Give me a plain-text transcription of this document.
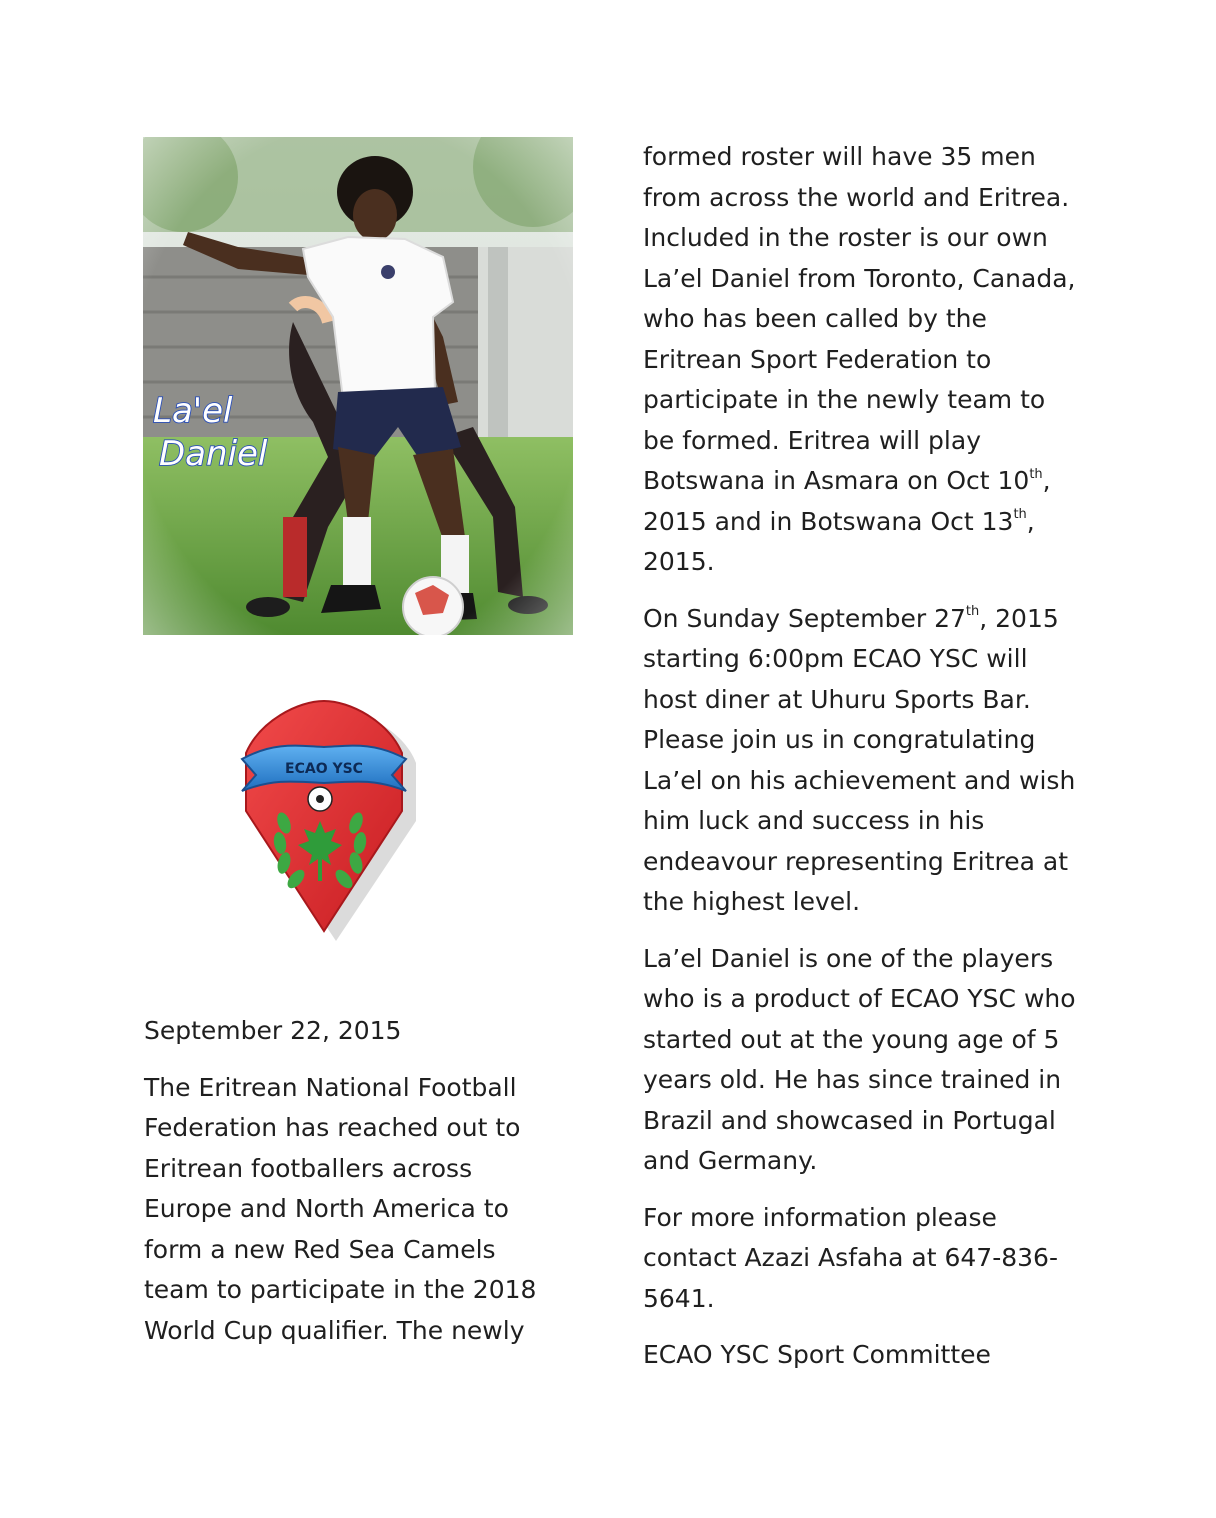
La'el
Daniel
ECAO YSC

September 22, 2015

The Eritrean National Football Federation has reached out to Eritrean footballers across Europe and North America to form a new Red Sea Camels team to participate in the 2018 World Cup qualifier. The newly

formed roster will have 35 men from across the world and Eritrea. Included in the roster is our own La’el Daniel from Toronto, Canada, who has been called by the Eritrean Sport Federation to participate in the newly team to be formed. Eritrea will play Botswana in Asmara on Oct 10th, 2015 and in Botswana Oct 13th, 2015.

On Sunday September 27th, 2015 starting 6:00pm ECAO YSC will host diner at Uhuru Sports Bar. Please join us in congratulating La’el on his achievement and wish him luck and success in his endeavour representing Eritrea at the highest level.

La’el Daniel is one of the players who is a product of ECAO YSC who started out at the young age of 5 years old. He has since trained in Brazil and showcased in Portugal and Germany.

For more information please contact Azazi Asfaha at 647-836-5641.

ECAO YSC Sport Committee
